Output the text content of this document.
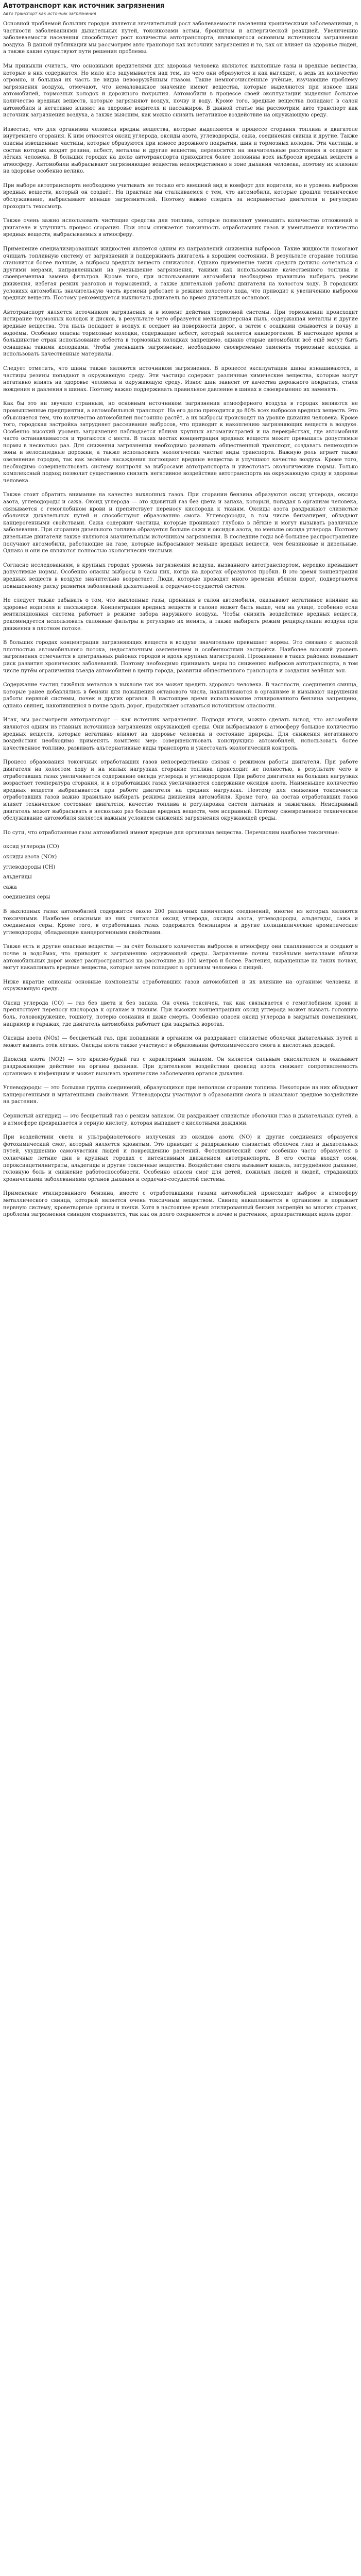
Автотранспорт как источник загрязнения
Авто транспорт как источник загрязнения

Основной проблемой больших городов является значительный рост заболеваемости населения хроническими заболеваниями, в частности заболеваниями дыхательных путей, токсикозами астмы, бронхитом и аллергической реакцией. Увеличению заболеваемости населения способствует рост количества автотранспорта, являющегося основным источником загрязнения воздуха. В данной публикации мы рассмотрим авто транспорт как источник загрязнения и то, как он влияет на здоровье людей, а также какие существуют пути решения проблемы.

Мы привыкли считать, что основными вредителями для здоровья человека являются выхлопные газы и вредные вещества, которые в них содержатся. Но мало кто задумывается над тем, из чего они образуются и как выглядят, а ведь их количество огромно, и большая их часть не видна невооружённым глазом. Такие немногочисленные учёные, изучающие проблему загрязнения воздуха, отмечают, что немаловажное значение имеют вещества, которые выделяются при износе шин автомобилей, тормозных колодок и дорожного покрытия. Автомобили в процессе своей эксплуатации выделяют большое количество вредных веществ, которые загрязняют воздух, почву и воду. Кроме того, вредные вещества попадают в салон автомобиля и негативно влияют на здоровье водителя и пассажиров. В данной статье мы рассмотрим авто транспорт как источник загрязнения воздуха, а также выясним, как можно снизить негативное воздействие на окружающую среду.

Известно, что для организма человека вредны вещества, которые выделяются в процессе сгорания топлива в двигателе внутреннего сгорания. К ним относятся оксид углерода, оксиды азота, углеводороды, сажа, соединения свинца и другие. Также опасны взвешенные частицы, которые образуются при износе дорожного покрытия, шин и тормозных колодок. Эти частицы, в состав которых входят резина, асбест, металлы и другие вещества, переносятся на значительные расстояния и оседают в лёгких человека. В больших городах на долю автотранспорта приходится более половины всех выбросов вредных веществ в атмосферу. Автомобили выбрасывают загрязняющие вещества непосредственно в зоне дыхания человека, поэтому их влияние на здоровье особенно велико.

При выборе автотранспорта необходимо учитывать не только его внешний вид и комфорт для водителя, но и уровень выбросов вредных веществ, который он создаёт. На практике мы сталкиваемся с тем, что автомобили, которые прошли техническое обслуживание, выбрасывают меньше загрязнителей. Поэтому важно следить за исправностью двигателя и регулярно проходить техосмотр.

Также очень важно использовать чистящие средства для топлива, которые позволяют уменьшить количество отложений в двигателе и улучшить процесс сгорания. При этом снижается токсичность отработавших газов и уменьшается количество вредных веществ, выбрасываемых в атмосферу.

Применение специализированных жидкостей является одним из направлений снижения выбросов. Такие жидкости помогают очищать топливную систему от загрязнений и поддерживать двигатель в хорошем состоянии. В результате сгорание топлива становится более полным, а выбросы вредных веществ снижаются. Однако применение таких средств должно сочетаться с другими мерами, направленными на уменьшение загрязнения, такими как использование качественного топлива и своевременная замена фильтров. Кроме того, при использовании автомобиля необходимо правильно выбирать режим движения, избегая резких разгонов и торможений, а также длительной работы двигателя на холостом ходу. В городских условиях автомобиль значительную часть времени работает в режиме холостого хода, что приводит к увеличению выбросов вредных веществ. Поэтому рекомендуется выключать двигатель во время длительных остановок.

Автотранспорт является источником загрязнения и в момент действия тормозной системы. При торможении происходит истирание тормозных колодок и дисков, в результате чего образуется мелкодисперсная пыль, содержащая металлы и другие вредные вещества. Эта пыль попадает в воздух и оседает на поверхности дорог, а затем с осадками смывается в почву и водоёмы. Особенно опасны тормозные колодки, содержащие асбест, который является канцерогеном. В настоящее время в большинстве стран использование асбеста в тормозных колодках запрещено, однако старые автомобили всё ещё могут быть оснащены такими колодками. Чтобы уменьшить загрязнение, необходимо своевременно заменять тормозные колодки и использовать качественные материалы.

Следует отметить, что шины также являются источником загрязнения. В процессе эксплуатации шины изнашиваются, и частицы резины попадают в окружающую среду. Эти частицы содержат различные химические вещества, которые могут негативно влиять на здоровье человека и окружающую среду. Износ шин зависит от качества дорожного покрытия, стиля вождения и давления в шинах. Поэтому важно поддерживать правильное давление в шинах и своевременно их заменять.

Как бы это ни звучало странным, но основным источником загрязнения атмосферного воздуха в городах являются не промышленные предприятия, а автомобильный транспорт. На его долю приходится до 80% всех выбросов вредных веществ. Это объясняется тем, что количество автомобилей постоянно растёт, а их выбросы происходят на уровне дыхания человека. Кроме того, городская застройка затрудняет рассеивание выбросов, что приводит к накоплению загрязняющих веществ в воздухе. Особенно высокий уровень загрязнения наблюдается вблизи крупных автомагистралей и на перекрёстках, где автомобили часто останавливаются и трогаются с места. В таких местах концентрация вредных веществ может превышать допустимые нормы в несколько раз. Для снижения загрязнения необходимо развивать общественный транспорт, создавать пешеходные зоны и велосипедные дорожки, а также использовать экологически чистые виды транспорта. Важную роль играет также озеленение городов, так как зелёные насаждения поглощают вредные вещества и улучшают качество воздуха. Кроме того, необходимо совершенствовать систему контроля за выбросами автотранспорта и ужесточать экологические нормы. Только комплексный подход позволит существенно снизить негативное воздействие автотранспорта на окружающую среду и здоровье человека.

Также стоит обратить внимание на качество выхлопных газов. При сгорании бензина образуются оксид углерода, оксиды азота, углеводороды и сажа. Оксид углерода — это ядовитый газ без цвета и запаха, который, попадая в организм человека, связывается с гемоглобином крови и препятствует переносу кислорода к тканям. Оксиды азота раздражают слизистые оболочки дыхательных путей и способствуют образованию смога. Углеводороды, в том числе бензапирен, обладают канцерогенными свойствами. Сажа содержит частицы, которые проникают глубоко в лёгкие и могут вызывать различные заболевания. При сгорании дизельного топлива образуется больше сажи и оксидов азота, но меньше оксида углерода. Поэтому дизельные двигатели также являются значительным источником загрязнения. В последние годы всё большее распространение получают автомобили, работающие на газе, которые выбрасывают меньше вредных веществ, чем бензиновые и дизельные. Однако и они не являются полностью экологически чистыми.

Согласно исследованиям, в крупных городах уровень загрязнения воздуха, вызванного автотранспортом, нередко превышает допустимые нормы. Особенно опасны выбросы в часы пик, когда на дорогах образуются пробки. В это время концентрация вредных веществ в воздухе значительно возрастает. Люди, которые проводят много времени вблизи дорог, подвергаются повышенному риску развития заболеваний дыхательной и сердечно-сосудистой систем.

Не следует также забывать о том, что выхлопные газы, проникая в салон автомобиля, оказывают негативное влияние на здоровье водителя и пассажиров. Концентрация вредных веществ в салоне может быть выше, чем на улице, особенно если вентиляционная система работает в режиме забора наружного воздуха. Чтобы снизить воздействие вредных веществ, рекомендуется использовать салонные фильтры и регулярно их менять, а также выбирать режим рециркуляции воздуха при движении в плотном потоке.

В больших городах концентрация загрязняющих веществ в воздухе значительно превышает нормы. Это связано с высокой плотностью автомобильного потока, недостаточным озеленением и особенностями застройки. Наиболее высокий уровень загрязнения отмечается в центральных районах городов и вдоль крупных магистралей. Проживание в таких районах повышает риск развития хронических заболеваний. Поэтому необходимо принимать меры по снижению выбросов автотранспорта, в том числе путём ограничения въезда автомобилей в центр города, развития общественного транспорта и создания зелёных зон.

Содержание частиц тяжёлых металлов в выхлопе так же может вредить здоровью человека. В частности, соединения свинца, которые ранее добавлялись в бензин для повышения октанового числа, накапливаются в организме и вызывают нарушения работы нервной системы, почек и других органов. В настоящее время использование этилированного бензина запрещено, однако свинец, накопившийся в почве вдоль дорог, продолжает оставаться источником опасности.

Итак, мы рассмотрели автотранспорт — как источник загрязнения. Подводя итоги, можно сделать вывод, что автомобили являются одним из главных источников загрязнения окружающей среды. Они выбрасывают в атмосферу большое количество вредных веществ, которые негативно влияют на здоровье человека и состояние природы. Для снижения негативного воздействия необходимо применять комплекс мер: совершенствовать конструкцию автомобилей, использовать более качественное топливо, развивать альтернативные виды транспорта и ужесточать экологический контроль.

Процесс образования токсичных отработавших газов непосредственно связан с режимом работы двигателя. При работе двигателя на холостом ходу и на малых нагрузках сгорание топлива происходит не полностью, в результате чего в отработавших газах увеличивается содержание оксида углерода и углеводородов. При работе двигателя на больших нагрузках возрастает температура сгорания, и в отработавших газах увеличивается содержание оксидов азота. Наименьшее количество вредных веществ выбрасывается при работе двигателя на средних нагрузках. Поэтому для снижения токсичности отработавших газов важно правильно выбирать режимы движения автомобиля. Кроме того, на состав отработавших газов влияет техническое состояние двигателя, качество топлива и регулировка систем питания и зажигания. Неисправный двигатель может выбрасывать в несколько раз больше вредных веществ, чем исправный. Поэтому своевременное техническое обслуживание автомобиля является важным условием снижения загрязнения окружающей среды.

По сути, что отработанные газы автомобилей имеют вредные для организма вещества. Перечислим наиболее токсичные:

оксид углерода (CO)

оксиды азота (NOx)

углеводороды (CH)

альдегиды

сажа

соединения серы

В выхлопных газах автомобилей содержится около 200 различных химических соединений, многие из которых являются токсичными. Наиболее опасными из них считаются оксид углерода, оксиды азота, углеводороды, альдегиды, сажа и соединения серы. Кроме того, в отработавших газах содержатся бензапирен и другие полициклические ароматические углеводороды, обладающие канцерогенными свойствами.

Также есть и другие опасные вещества — за счёт большого количества выбросов в атмосферу они скапливаются и оседают в почве и водоёмах, что приводит к загрязнению окружающей среды. Загрязнение почвы тяжёлыми металлами вблизи автомобильных дорог может распространяться на расстояние до 100 метров и более. Растения, выращенные на таких почвах, могут накапливать вредные вещества, которые затем попадают в организм человека с пищей.

Ниже вкратце описаны основные компоненты отработавших газов автомобилей и их влияние на организм человека и окружающую среду.

Оксид углерода (CO) — газ без цвета и без запаха. Он очень токсичен, так как связывается с гемоглобином крови и препятствует переносу кислорода к органам и тканям. При высоких концентрациях оксид углерода может вызвать головную боль, головокружение, тошноту, потерю сознания и даже смерть. Особенно опасен оксид углерода в закрытых помещениях, например в гаражах, где двигатель автомобиля работает при закрытых воротах.

Оксиды азота (NOx) — бесцветный газ, при попадании в организм он раздражает слизистые оболочки дыхательных путей и может вызвать отёк лёгких. Оксиды азота также участвуют в образовании фотохимического смога и кислотных дождей.

Диоксид азота (NO2) — это красно-бурый газ с характерным запахом. Он является сильным окислителем и оказывает раздражающее действие на органы дыхания. При длительном воздействии диоксид азота снижает сопротивляемость организма к инфекциям и может вызывать хронические заболевания органов дыхания.

Углеводороды — это большая группа соединений, образующихся при неполном сгорании топлива. Некоторые из них обладают канцерогенными и мутагенными свойствами. Углеводороды участвуют в образовании смога и оказывают вредное воздействие на растения.

Сернистый ангидрид — это бесцветный газ с резким запахом. Он раздражает слизистые оболочки глаз и дыхательных путей, а в атмосфере превращается в серную кислоту, которая выпадает с кислотными дождями.

При воздействии света и ультрафиолетового излучения из оксидов азота (NO) и другие соединения образуется фотохимический смог, который является ядовитым. Это приводит к раздражению слизистых оболочек глаз и дыхательных путей, ухудшению самочувствия людей и повреждению растений. Фотохимический смог особенно часто образуется в солнечные летние дни в крупных городах с интенсивным движением автотранспорта. В его состав входят озон, пероксиацетилнитраты, альдегиды и другие токсичные вещества. Воздействие смога вызывает кашель, затруднённое дыхание, головную боль и снижение работоспособности. Особенно опасен смог для детей, пожилых людей и людей, страдающих хроническими заболеваниями органов дыхания и сердечно-сосудистой системы.

Применение этилированного бензина, вместе с отработавшими газами автомобилей происходит выброс в атмосферу металлического свинца, который является очень токсичным веществом. Свинец накапливается в организме и поражает нервную систему, кроветворные органы и почки. Хотя в настоящее время этилированный бензин запрещён во многих странах, проблема загрязнения свинцом сохраняется, так как он долго сохраняется в почве и растениях, произрастающих вдоль дорог.
